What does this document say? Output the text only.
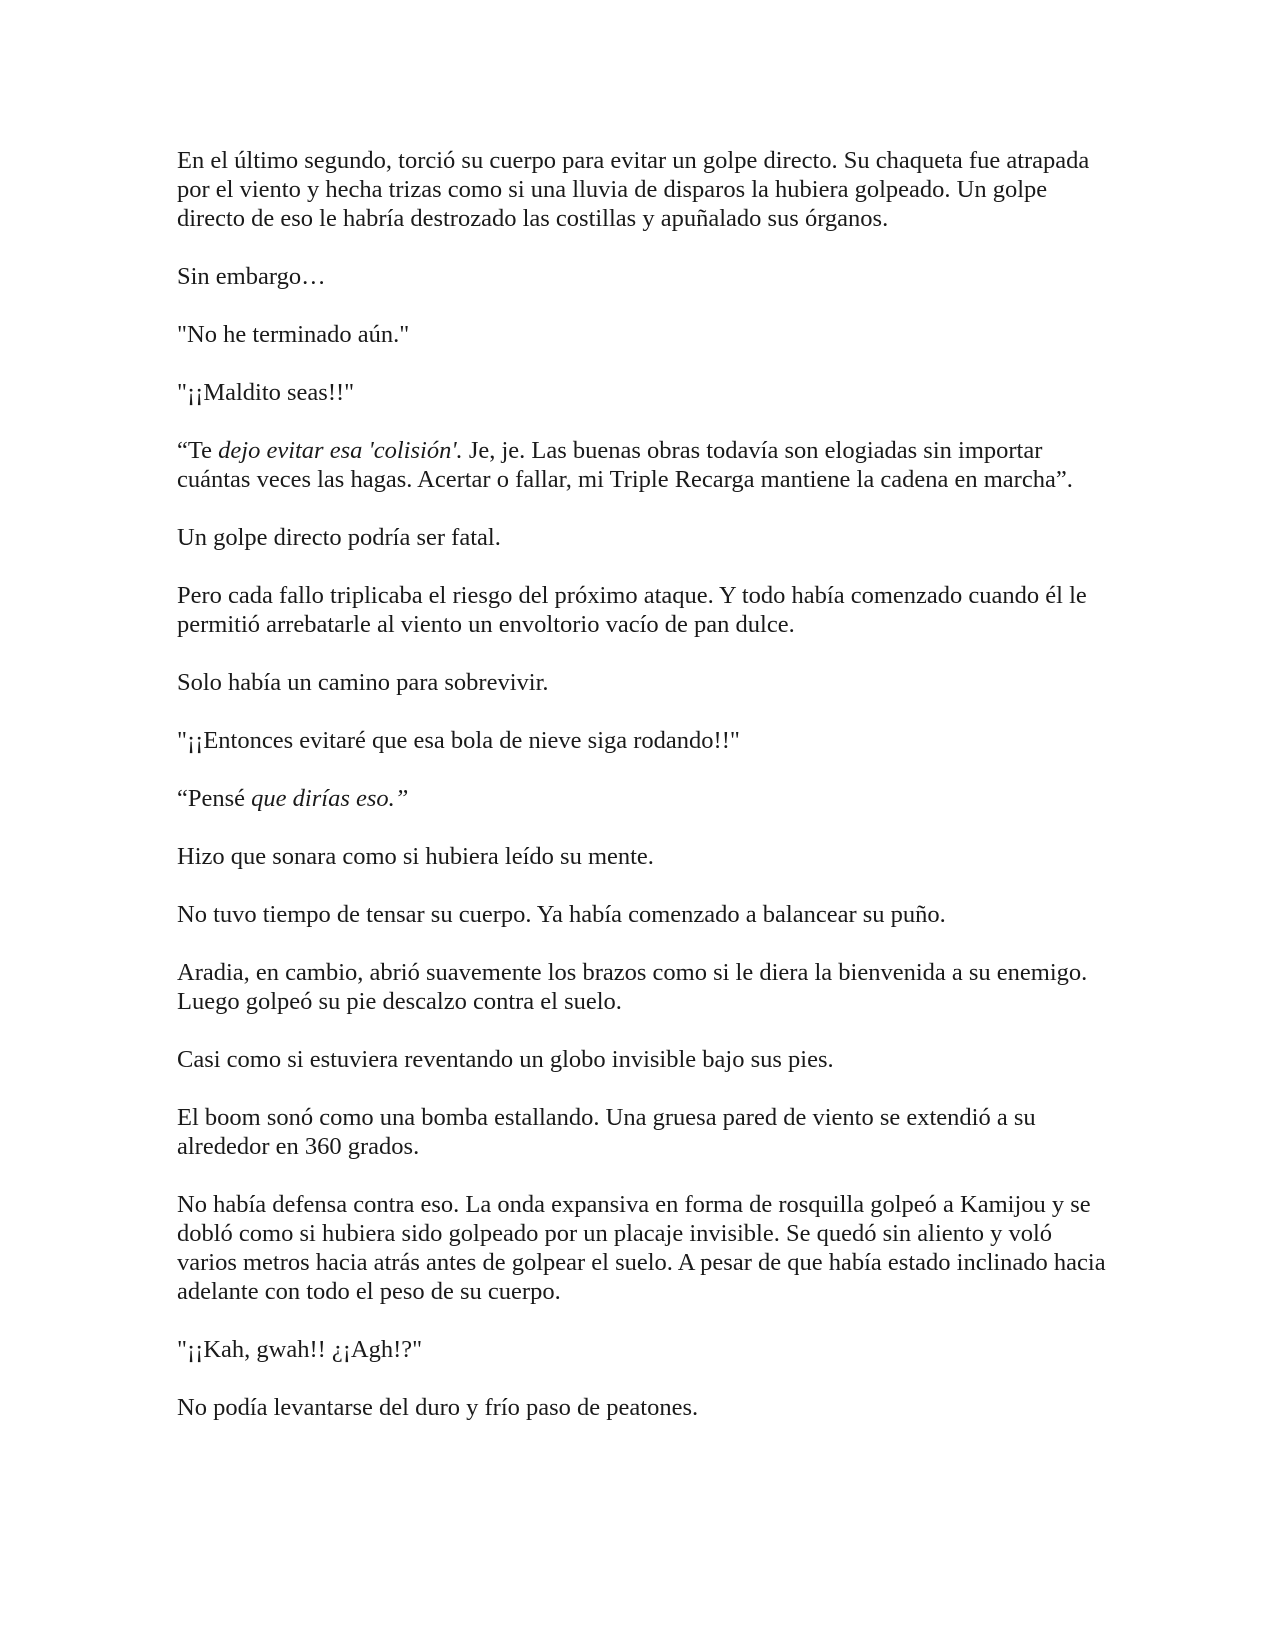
En el último segundo, torció su cuerpo para evitar un golpe directo. Su chaqueta fue atrapada por el viento y hecha trizas como si una lluvia de disparos la hubiera golpeado. Un golpe directo de eso le habría destrozado las costillas y apuñalado sus órganos.

Sin embargo…

"No he terminado aún."

"¡¡Maldito seas!!"

“Te dejo evitar esa 'colisión'. Je, je. Las buenas obras todavía son elogiadas sin importar cuántas veces las hagas. Acertar o fallar, mi Triple Recarga mantiene la cadena en marcha”.

Un golpe directo podría ser fatal.

Pero cada fallo triplicaba el riesgo del próximo ataque. Y todo había comenzado cuando él le permitió arrebatarle al viento un envoltorio vacío de pan dulce.

Solo había un camino para sobrevivir.

"¡¡Entonces evitaré que esa bola de nieve siga rodando!!"

“Pensé que dirías eso.”

Hizo que sonara como si hubiera leído su mente.

No tuvo tiempo de tensar su cuerpo. Ya había comenzado a balancear su puño.

Aradia, en cambio, abrió suavemente los brazos como si le diera la bienvenida a su enemigo. Luego golpeó su pie descalzo contra el suelo.

Casi como si estuviera reventando un globo invisible bajo sus pies.

El boom sonó como una bomba estallando. Una gruesa pared de viento se extendió a su alrededor en 360 grados.

No había defensa contra eso. La onda expansiva en forma de rosquilla golpeó a Kamijou y se dobló como si hubiera sido golpeado por un placaje invisible. Se quedó sin aliento y voló varios metros hacia atrás antes de golpear el suelo. A pesar de que había estado inclinado hacia adelante con todo el peso de su cuerpo.

"¡¡Kah, gwah!! ¿¡Agh!?"

No podía levantarse del duro y frío paso de peatones.
